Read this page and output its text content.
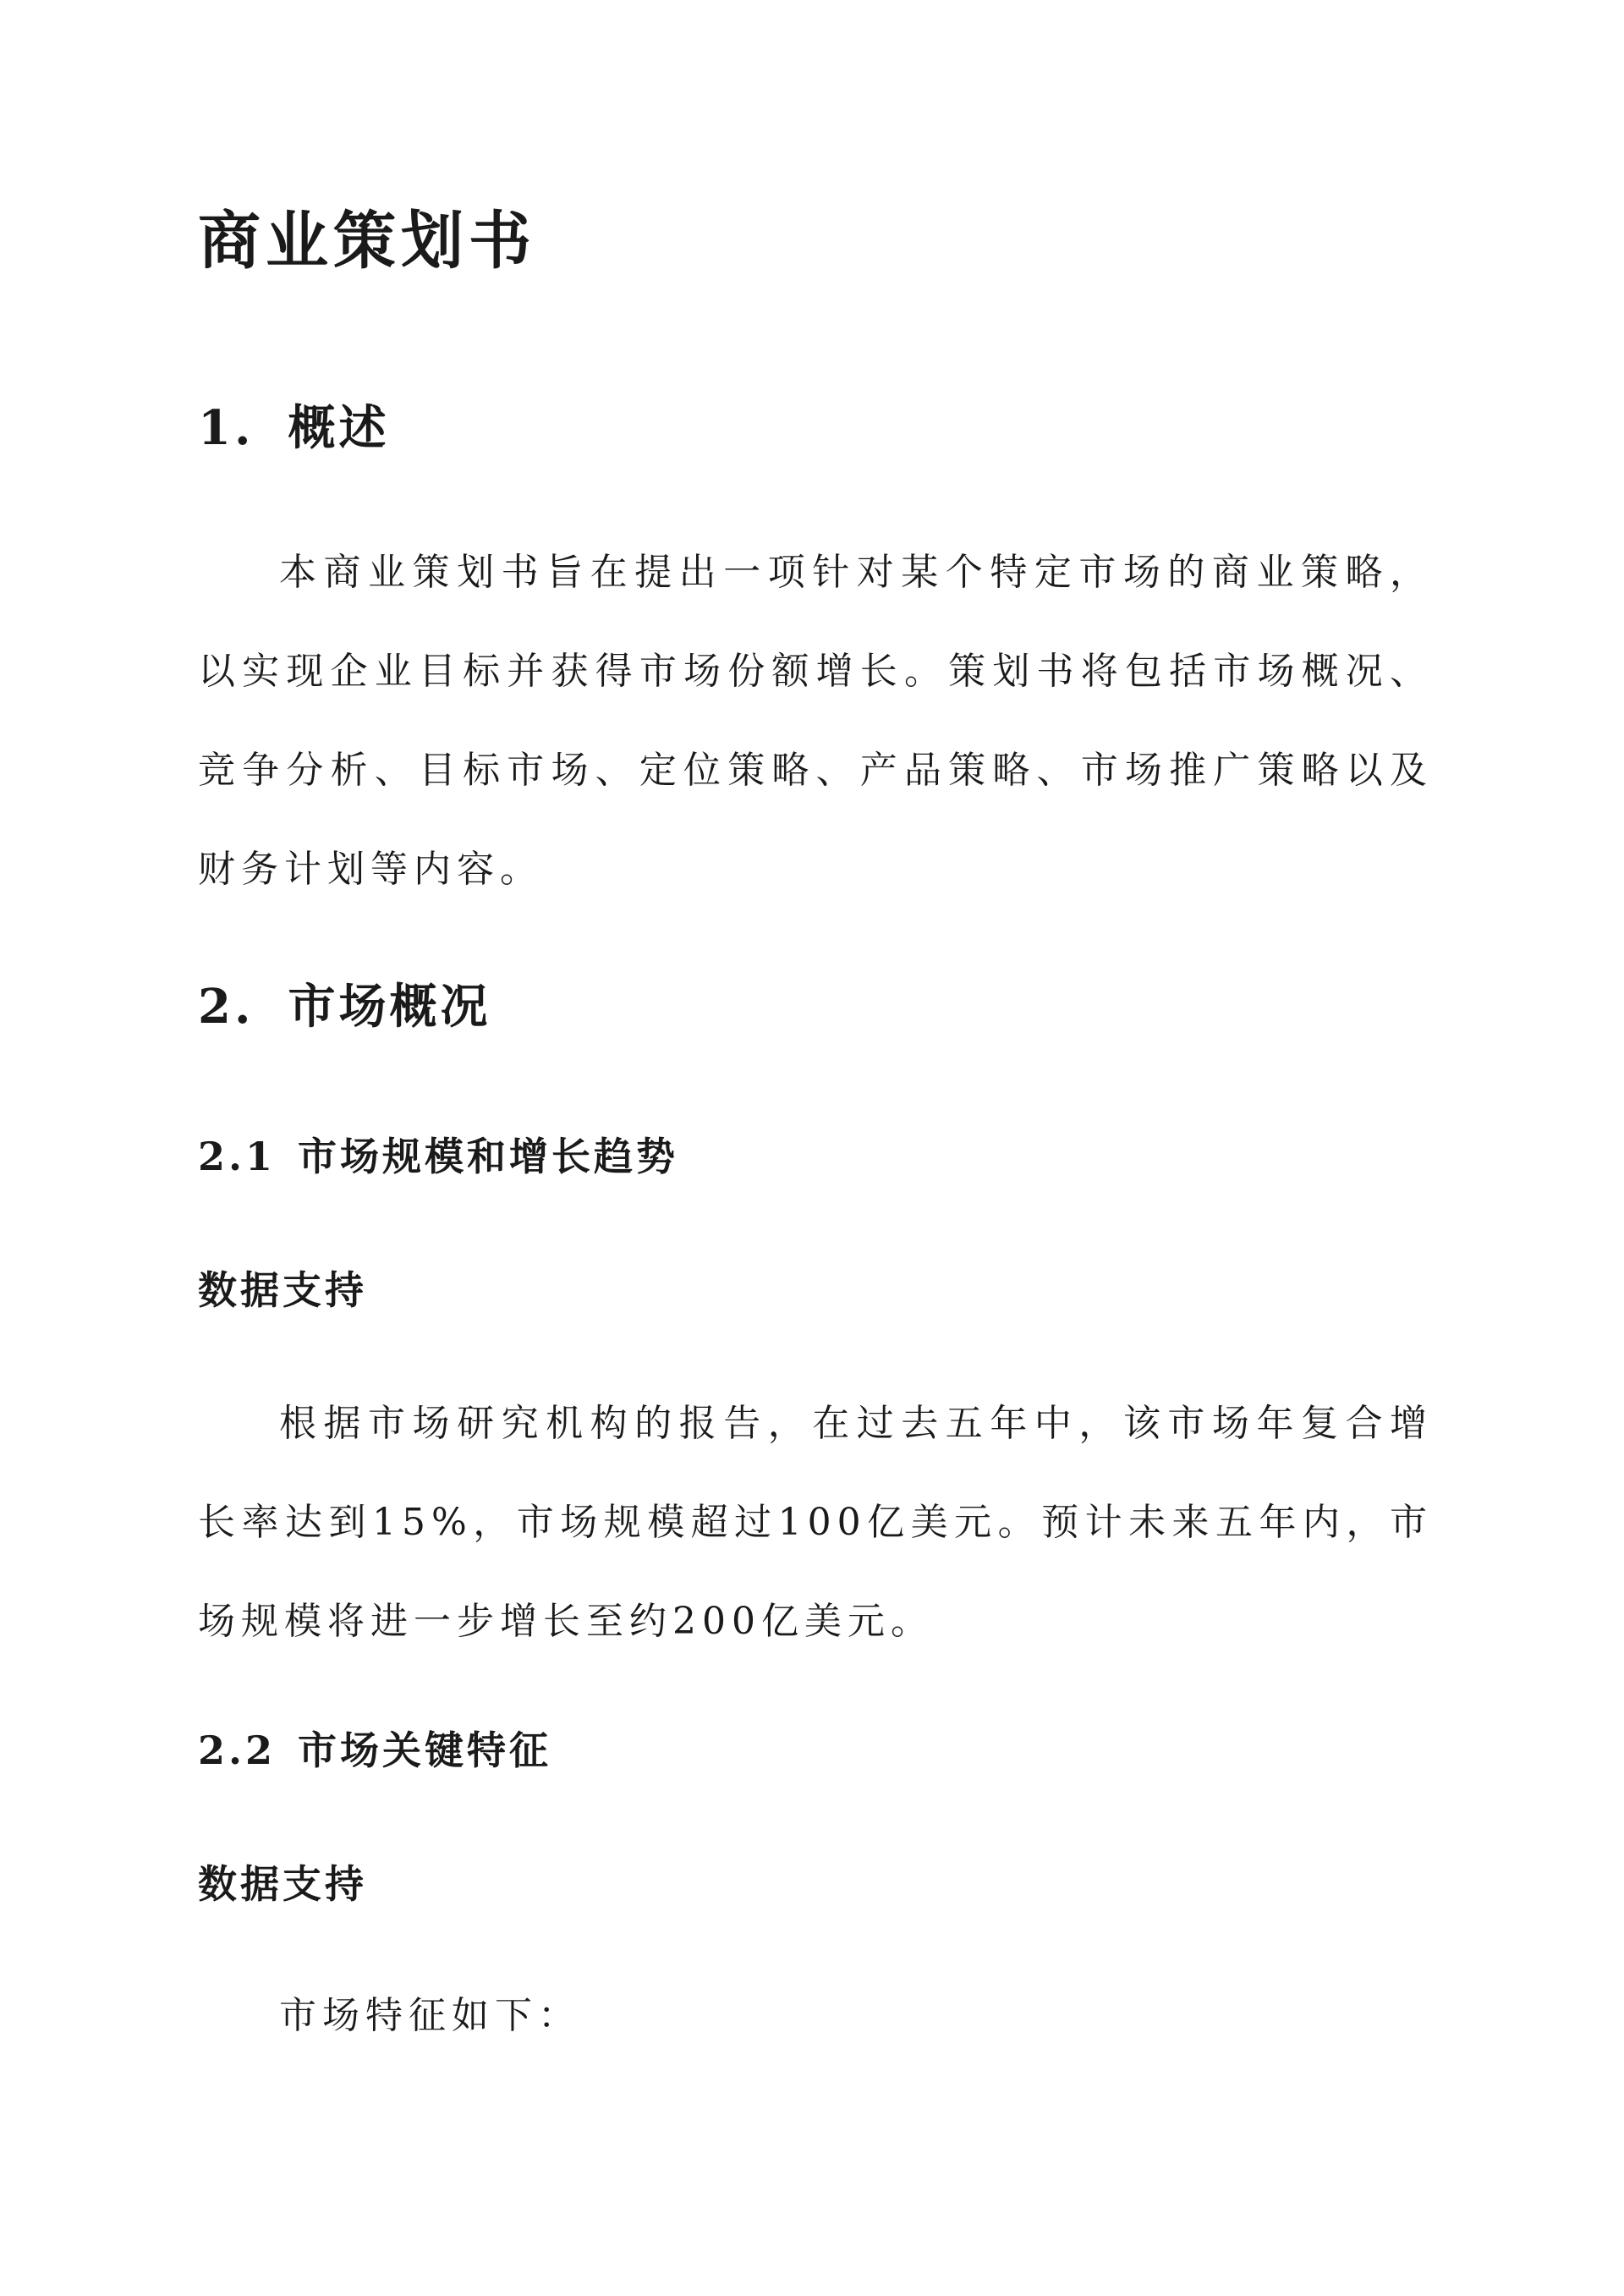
商业策划书
1. 概述

本商业策划书旨在提出一项针对某个特定市场的商业策略，以实现企业目标并获得市场份额增长。策划书将包括市场概况、竞争分析、目标市场、定位策略、产品策略、市场推广策略以及财务计划等内容。

2. 市场概况
2.1 市场规模和增长趋势
数据支持

根据市场研究机构的报告，在过去五年中，该市场年复合增长率达到15%，市场规模超过100亿美元。预计未来五年内，市场规模将进一步增长至约200亿美元。

2.2 市场关键特征
数据支持

市场特征如下：
